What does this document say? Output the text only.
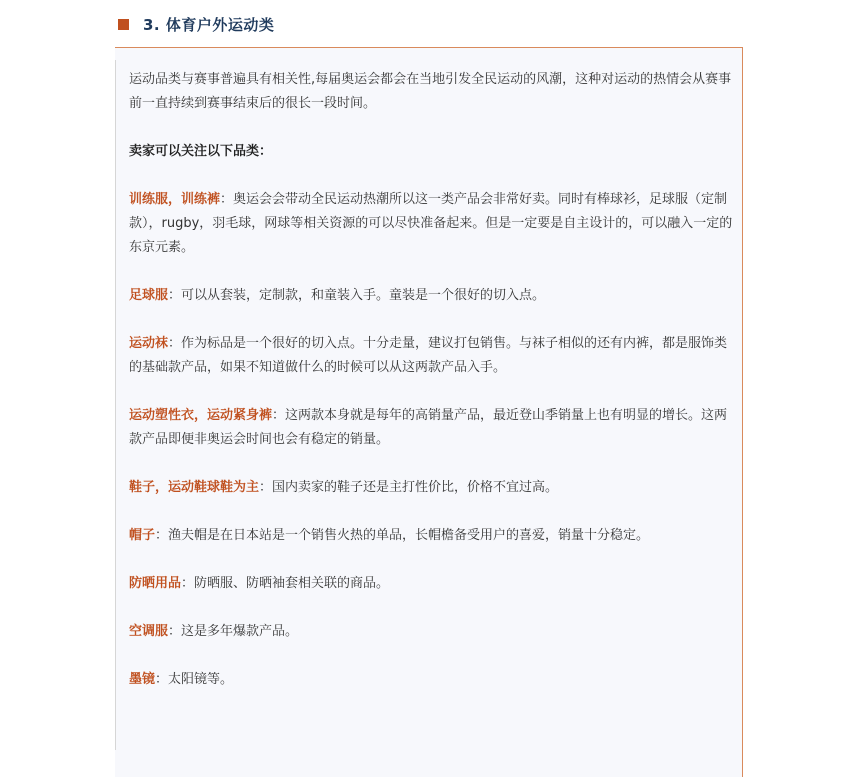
3. 体育户外运动类

运动品类与赛事普遍具有相关性,每届奥运会都会在当地引发全民运动的风潮，这种对运动的热情会从赛事前一直持续到赛事结束后的很长一段时间。

卖家可以关注以下品类：

训练服，训练裤：奥运会会带动全民运动热潮所以这一类产品会非常好卖。同时有棒球衫，足球服（定制款），rugby，羽毛球，网球等相关资源的可以尽快准备起来。但是一定要是自主设计的，可以融入一定的东京元素。

足球服：可以从套装，定制款，和童装入手。童装是一个很好的切入点。

运动袜：作为标品是一个很好的切入点。十分走量，建议打包销售。与袜子相似的还有内裤，都是服饰类的基础款产品，如果不知道做什么的时候可以从这两款产品入手。

运动塑性衣，运动紧身裤：这两款本身就是每年的高销量产品，最近登山季销量上也有明显的增长。这两款产品即便非奥运会时间也会有稳定的销量。

鞋子，运动鞋球鞋为主：国内卖家的鞋子还是主打性价比，价格不宜过高。

帽子：渔夫帽是在日本站是一个销售火热的单品，长帽檐备受用户的喜爱，销量十分稳定。

防晒用品：防晒服、防晒袖套相关联的商品。

空调服：这是多年爆款产品。

墨镜：太阳镜等。
